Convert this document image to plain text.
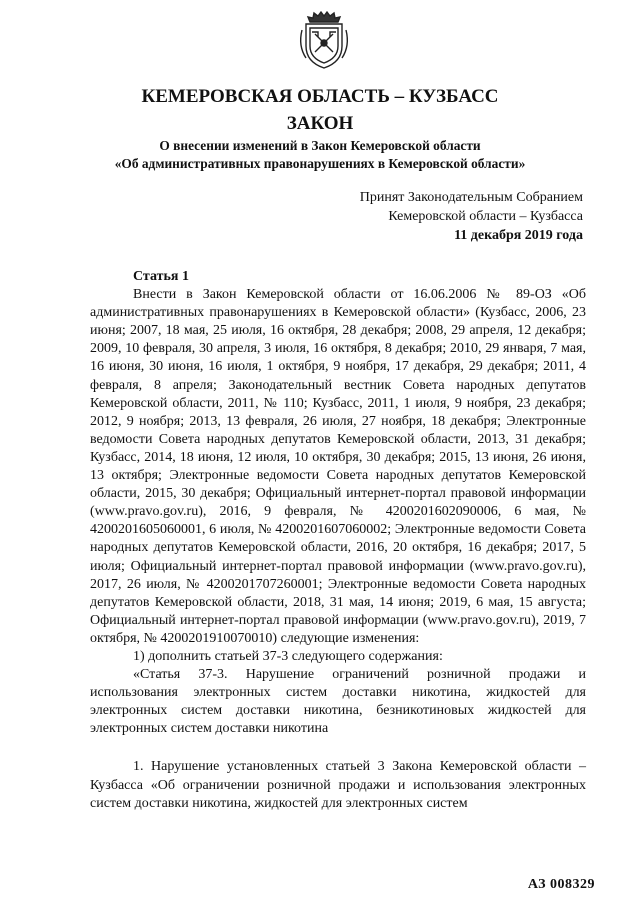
КЕМЕРОВСКАЯ ОБЛАСТЬ – КУЗБАСС
ЗАКОН
О внесении изменений в Закон Кемеровской области
«Об административных правонарушениях в Кемеровской области»
Принят Законодательным Собранием
Кемеровской области – Кузбасса
11 декабря 2019 года
Статья 1

Внести в Закон Кемеровской области от 16.06.2006 № 89-ОЗ «Об административных правонарушениях в Кемеровской области» (Кузбасс, 2006, 23 июня; 2007, 18 мая, 25 июля, 16 октября, 28 декабря; 2008, 29 апреля, 12 декабря; 2009, 10 февраля, 30 апреля, 3 июля, 16 октября, 8 декабря; 2010, 29 января, 7 мая, 16 июня, 30 июня, 16 июля, 1 октября, 9 ноября, 17 декабря, 29 декабря; 2011, 4 февраля, 8 апреля; Законодательный вестник Совета народных депутатов Кемеровской области, 2011, № 110; Кузбасс, 2011, 1 июля, 9 ноября, 23 декабря; 2012, 9 ноября; 2013, 13 февраля, 26 июля, 27 ноября, 18 декабря; Электронные ведомости Совета народных депутатов Кемеровской области, 2013, 31 декабря; Кузбасс, 2014, 18 июня, 12 июля, 10 октября, 30 декабря; 2015, 13 июня, 26 июня, 13 октября; Электронные ведомости Совета народных депутатов Кемеровской области, 2015, 30 декабря; Официальный интернет-портал правовой информации (www.pravo.gov.ru), 2016, 9 февраля, № 4200201602090006, 6 мая, № 4200201605060001, 6 июля, № 4200201607060002; Электронные ведомости Совета народных депутатов Кемеровской области, 2016, 20 октября, 16 декабря; 2017, 5 июля; Официальный интернет-портал правовой информации (www.pravo.gov.ru), 2017, 26 июля, № 4200201707260001; Электронные ведомости Совета народных депутатов Кемеровской области, 2018, 31 мая, 14 июня; 2019, 6 мая, 15 августа; Официальный интернет-портал правовой информации (www.pravo.gov.ru), 2019, 7 октября, № 4200201910070010) следующие изменения:

1) дополнить статьей 37-3 следующего содержания:

«Статья 37-3. Нарушение ограничений розничной продажи и использования электронных систем доставки никотина, жидкостей для электронных систем доставки никотина, безникотиновых жидкостей для электронных систем доставки никотина

1. Нарушение установленных статьей 3 Закона Кемеровской области – Кузбасса «Об ограничении розничной продажи и использования электронных систем доставки никотина, жидкостей для электронных систем

АЗ 008329
